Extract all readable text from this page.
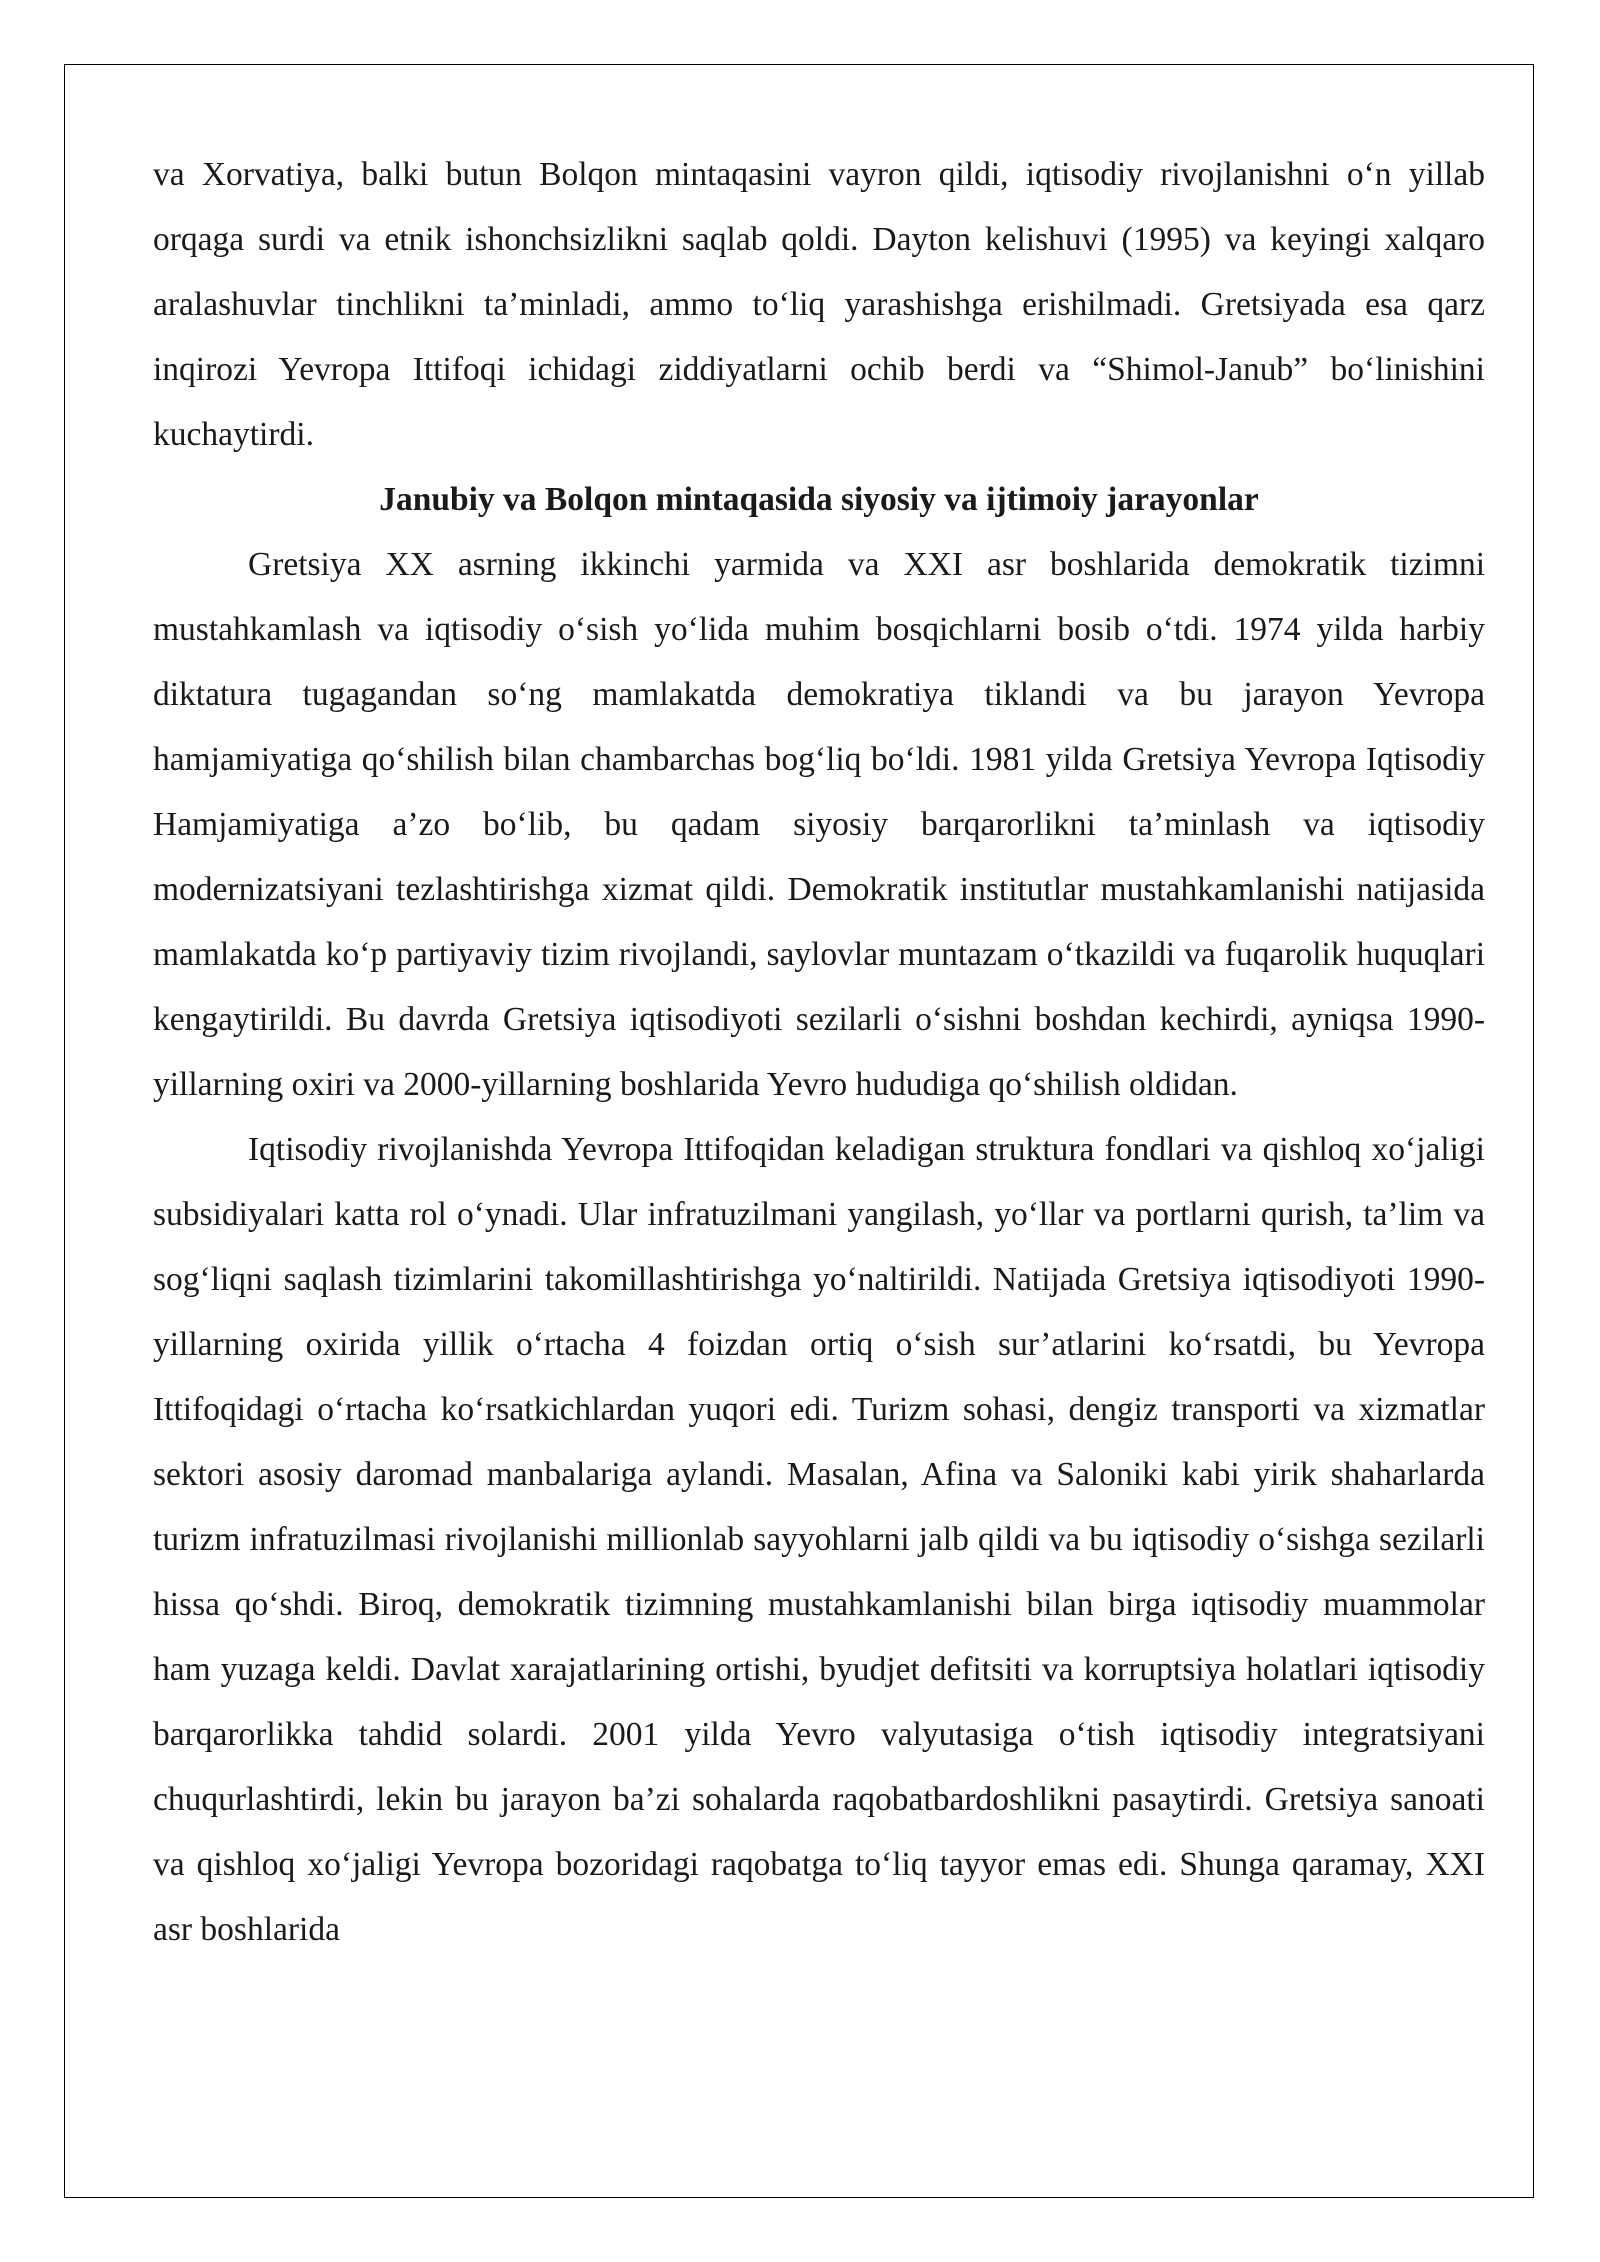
va Xorvatiya, balki butun Bolqon mintaqasini vayron qildi, iqtisodiy rivojlanishni o‘n yillab orqaga surdi va etnik ishonchsizlikni saqlab qoldi. Dayton kelishuvi (1995) va keyingi xalqaro aralashuvlar tinchlikni ta’minladi, ammo to‘liq yarashishga erishilmadi. Gretsiyada esa qarz inqirozi Yevropa Ittifoqi ichidagi ziddiyatlarni ochib berdi va “Shimol-Janub” bo‘linishini kuchaytirdi.

Janubiy va Bolqon mintaqasida siyosiy va ijtimoiy jarayonlar

Gretsiya XX asrning ikkinchi yarmida va XXI asr boshlarida demokratik tizimni mustahkamlash va iqtisodiy o‘sish yo‘lida muhim bosqichlarni bosib o‘tdi. 1974 yilda harbiy diktatura tugagandan so‘ng mamlakatda demokratiya tiklandi va bu jarayon Yevropa hamjamiyatiga qo‘shilish bilan chambarchas bog‘liq bo‘ldi. 1981 yilda Gretsiya Yevropa Iqtisodiy Hamjamiyatiga a’zo bo‘lib, bu qadam siyosiy barqarorlikni ta’minlash va iqtisodiy modernizatsiyani tezlashtirishga xizmat qildi. Demokratik institutlar mustahkamlanishi natijasida mamlakatda ko‘p partiyaviy tizim rivojlandi, saylovlar muntazam o‘tkazildi va fuqarolik huquqlari kengaytirildi. Bu davrda Gretsiya iqtisodiyoti sezilarli o‘sishni boshdan kechirdi, ayniqsa 1990-yillarning oxiri va 2000-yillarning boshlarida Yevro hududiga qo‘shilish oldidan.

Iqtisodiy rivojlanishda Yevropa Ittifoqidan keladigan struktura fondlari va qishloq xo‘jaligi subsidiyalari katta rol o‘ynadi. Ular infratuzilmani yangilash, yo‘llar va portlarni qurish, ta’lim va sog‘liqni saqlash tizimlarini takomillashtirishga yo‘naltirildi. Natijada Gretsiya iqtisodiyoti 1990-yillarning oxirida yillik o‘rtacha 4 foizdan ortiq o‘sish sur’atlarini ko‘rsatdi, bu Yevropa Ittifoqidagi o‘rtacha ko‘rsatkichlardan yuqori edi. Turizm sohasi, dengiz transporti va xizmatlar sektori asosiy daromad manbalariga aylandi. Masalan, Afina va Saloniki kabi yirik shaharlarda turizm infratuzilmasi rivojlanishi millionlab sayyohlarni jalb qildi va bu iqtisodiy o‘sishga sezilarli hissa qo‘shdi. Biroq, demokratik tizimning mustahkamlanishi bilan birga iqtisodiy muammolar ham yuzaga keldi. Davlat xarajatlarining ortishi, byudjet defitsiti va korruptsiya holatlari iqtisodiy barqarorlikka tahdid solardi. 2001 yilda Yevro valyutasiga o‘tish iqtisodiy integratsiyani chuqurlashtirdi, lekin bu jarayon ba’zi sohalarda raqobatbardoshlikni pasaytirdi. Gretsiya sanoati va qishloq xo‘jaligi Yevropa bozoridagi raqobatga to‘liq tayyor emas edi. Shunga qaramay, XXI asr boshlarida
